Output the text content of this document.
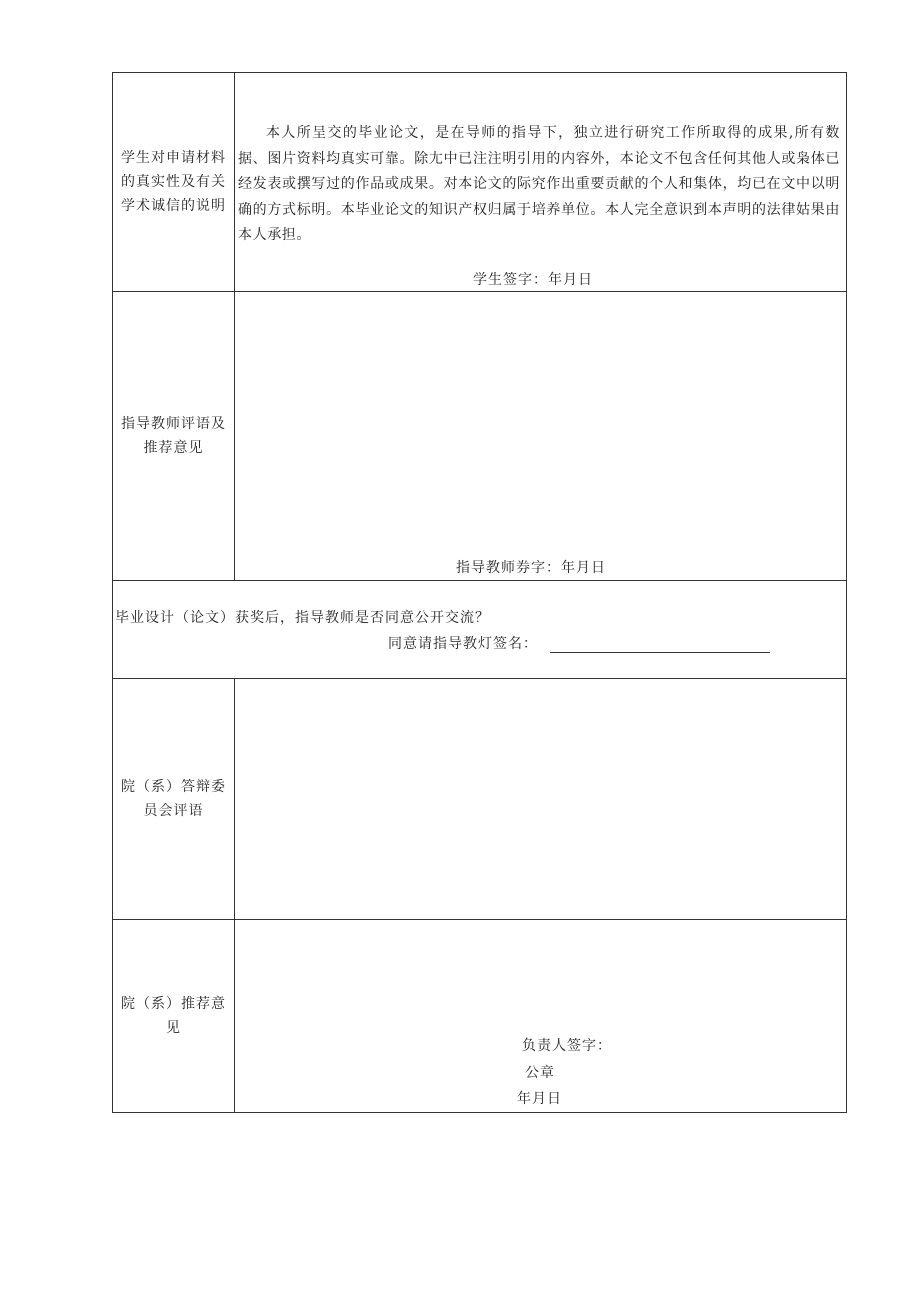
学生对申请材料的真实性及有关学术诚信的说明	本人所呈交的毕业论文，是在导师的指导下，独立进行研究工作所取得的成果,所有数据、图片资料均真实可靠。除尢中已注注明引用的内容外，本论文不包含任何其他人或枭体已经发表或撰写过的作品或成果。对本论文的际究作出重要贡献的个人和集体，均已在文中以明确的方式标明。本毕业论文的知识产权归属于培养单位。本人完全意识到本声明的法律姑果由本人承担。
学生签字：年月日

指导教师评语及推荐意见	指导教师券字：年月日

毕业设计（论文）获奖后，指导教师是否同意公开交流？
同意请指导教灯签名：	

院（系）答辩委员会评语	
院（系）推荐意见	负责人签字：
公章
年月日
